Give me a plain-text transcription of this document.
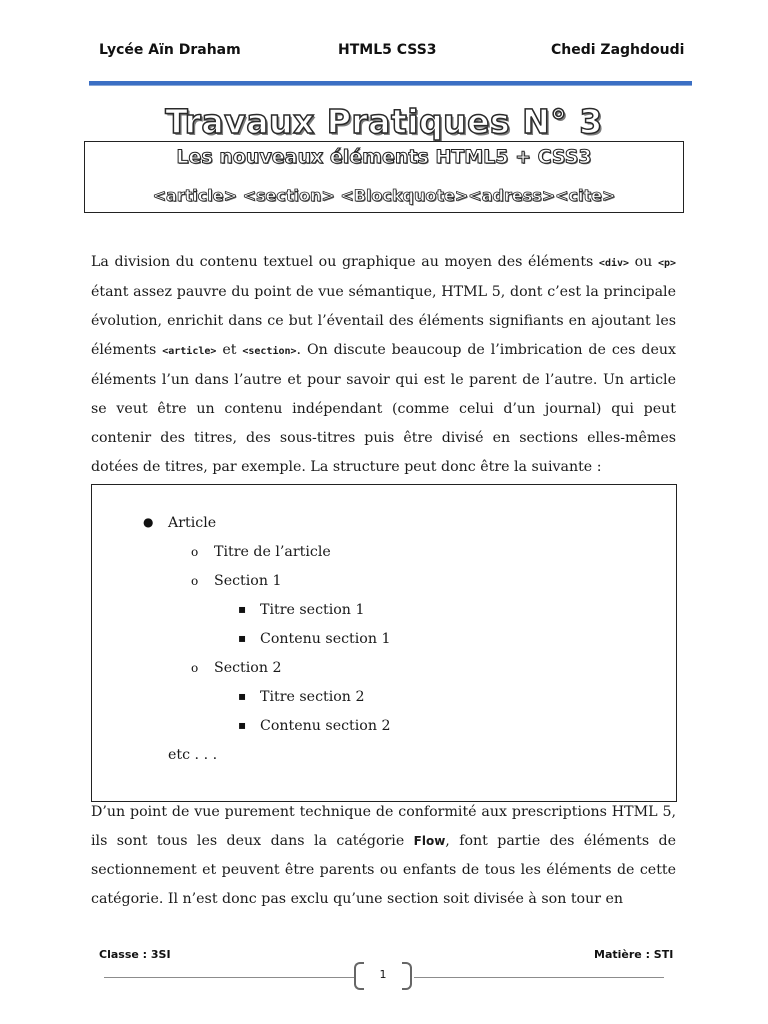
Lycée Aïn Draham	HTML5 CSS3	Chedi Zaghdoudi
Travaux Pratiques N° 3
Les nouveaux éléments HTML5 + CSS3
<article> <section> <Blockquote><adress><cite>
La division du contenu textuel ou graphique au moyen des éléments <div> ou <p> étant assez pauvre du point de vue sémantique, HTML 5, dont c’est la principale évolution, enrichit dans ce but l’éventail des éléments signifiants en ajoutant les éléments <article> et <section>. On discute beaucoup de l’imbrication de ces deux éléments l’un dans l’autre et pour savoir qui est le parent de l’autre. Un article se veut être un contenu indépendant (comme celui d’un journal) qui peut contenir des titres, des sous-titres puis être divisé en sections elles-mêmes dotées de titres, par exemple. La structure peut donc être la suivante :
● Article
o Titre de l’article
o Section 1
▪ Titre section 1
▪ Contenu section 1
o Section 2
▪ Titre section 2
▪ Contenu section 2
etc . . .
D’un point de vue purement technique de conformité aux prescriptions HTML 5, ils sont tous les deux dans la catégorie Flow, font partie des éléments de sectionnement et peuvent être parents ou enfants de tous les éléments de cette catégorie. Il n’est donc pas exclu qu’une section soit divisée à son tour en
Classe : 3SI	Matière : STI
1
